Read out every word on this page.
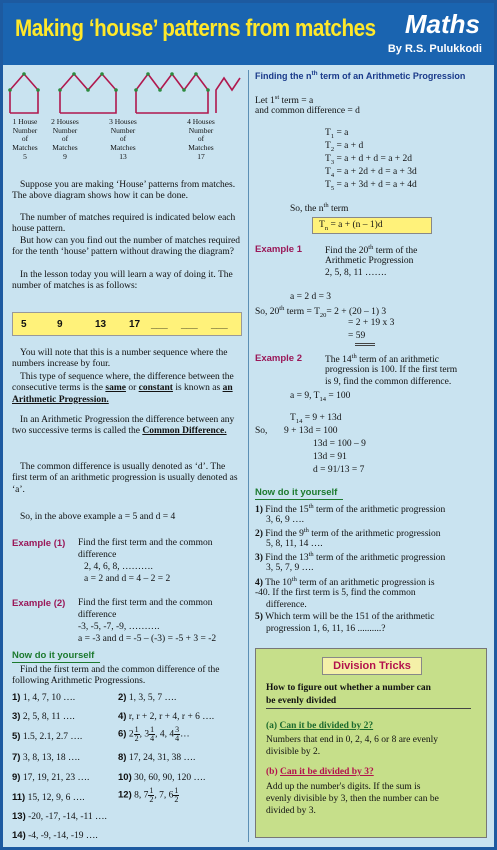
Making ‘house’ patterns from matches Maths
By R.S. Pulukkodi
1 House
Number
of
Matches
5
2 Houses
Number
of
Matches
9
3 Houses
Number
of
Matches
13
4 Houses
Number
of
Matches
17
Suppose you are making ‘House’ patterns from matches. The above diagram shows how it can be done.
The number of matches required is indicated below each house pattern.
But how can you find out the number of matches required for the tenth ‘house’ pattern without drawing the diagram?
In the lesson today you will learn a way of doing it. The number of matches is as follows:
5	9	13 17 ___ ___ ___
You will note that this is a number sequence where the numbers increase by four.
This type of sequence where, the difference between the consecutive terms is the same or constant is known as an Arithmetic Progression.
In an Arithmetic Progression the difference between any two successive terms is called the Common Difference.
The common difference is usually denoted as ‘d’. The first term of an arithmetic progression is usually denoted as ‘a’.
So, in the above example a = 5 and d = 4
Example (1) Find the first term and the common
difference
2, 4, 6, 8, ……….
a = 2 and d = 4 – 2 = 2
Example (2) Find the first term and the common
difference
-3, -5, -7, -9, ……….
a = -3 and d = -5 – (-3) = -5 + 3 = -2
Now do it yourself
Find the first term and the common difference of the following Arithmetic Progressions.
1) 1, 4, 7, 10 ….	2) 1, 3, 5, 7 ….
3) 2, 5, 8, 11 ….	4) r, r + 2, r + 4, r + 6 ….
5) 1.5, 2.1, 2.7 ….	6) $2 \frac{1}{2}$ , $3 \frac{1}{4}$ , 4, $4 \frac{3}{4}$ …
7) 3, 8, 13, 18 ….	8) 17, 24, 31, 38 ….
9) 17, 19, 21, 23 ….	10) 30, 60, 90, 120 ….
11) 15, 12, 9, 6 ….	12) 8, $7 \frac{1}{2}$ , 7, $6 \frac{1}{2}$
13) -20, -17, -14, -11 ….
14) -4, -9, -14, -19 ….
Finding the $n^{th}$ term of an Arithmetic Progression
Let 1st term = a
and common difference = d
$T_1 = a$
$T_2 = a + d$
$T_3 = a + d + d = a + 2d$
$T_4 = a + 2d + d = a + 3d$
$T_5 = a + 3d + d = a + 4d$
So, the $n^{th}$ term
$T_n = a + (n - 1)d$
Example 1 Find the 20th term of the
Arithmetic Progression
2, 5, 8, 11 …….
a = 2 d = 3
So, 20th term = $T_{20}= 2 + (20 - 1)$ 3
= 2 + 19 x 3
= 59
Example 2 The 14th term of an arithmetic
progression is 100. If the first term
is 9, find the common difference.
a = 9, $T_{14} = 100$
$T_{14} = 9 + 13d$
So, 9 + 13d = 100
13d = 100 – 9
13d = 91
d = 91/13 = 7
Now do it yourself
1) Find the 15th term of the arithmetic progression
3, 6, 9 ….
2) Find the 9th term of the arithmetic progression
5, 8, 11, 14 ….
3) Find the 13th term of the arithmetic progression
3, 5, 7, 9 ….
4) The 10th term of an arithmetic progression is
-40. If the first term is 5, find the common
difference.
5) Which term will be the 151 of the arithmetic
progression 1, 6, 11, 16 ..........?
Division Tricks
How to figure out whether a number can
be evenly divided
(a) Can it be divided by 2?
Numbers that end in 0, 2, 4, 6 or 8 are evenly
divisible by 2.
(b) Can it be divided by 3?
Add up the number's digits. If the sum is
evenly divisible by 3, then the number can be
divided by 3.
